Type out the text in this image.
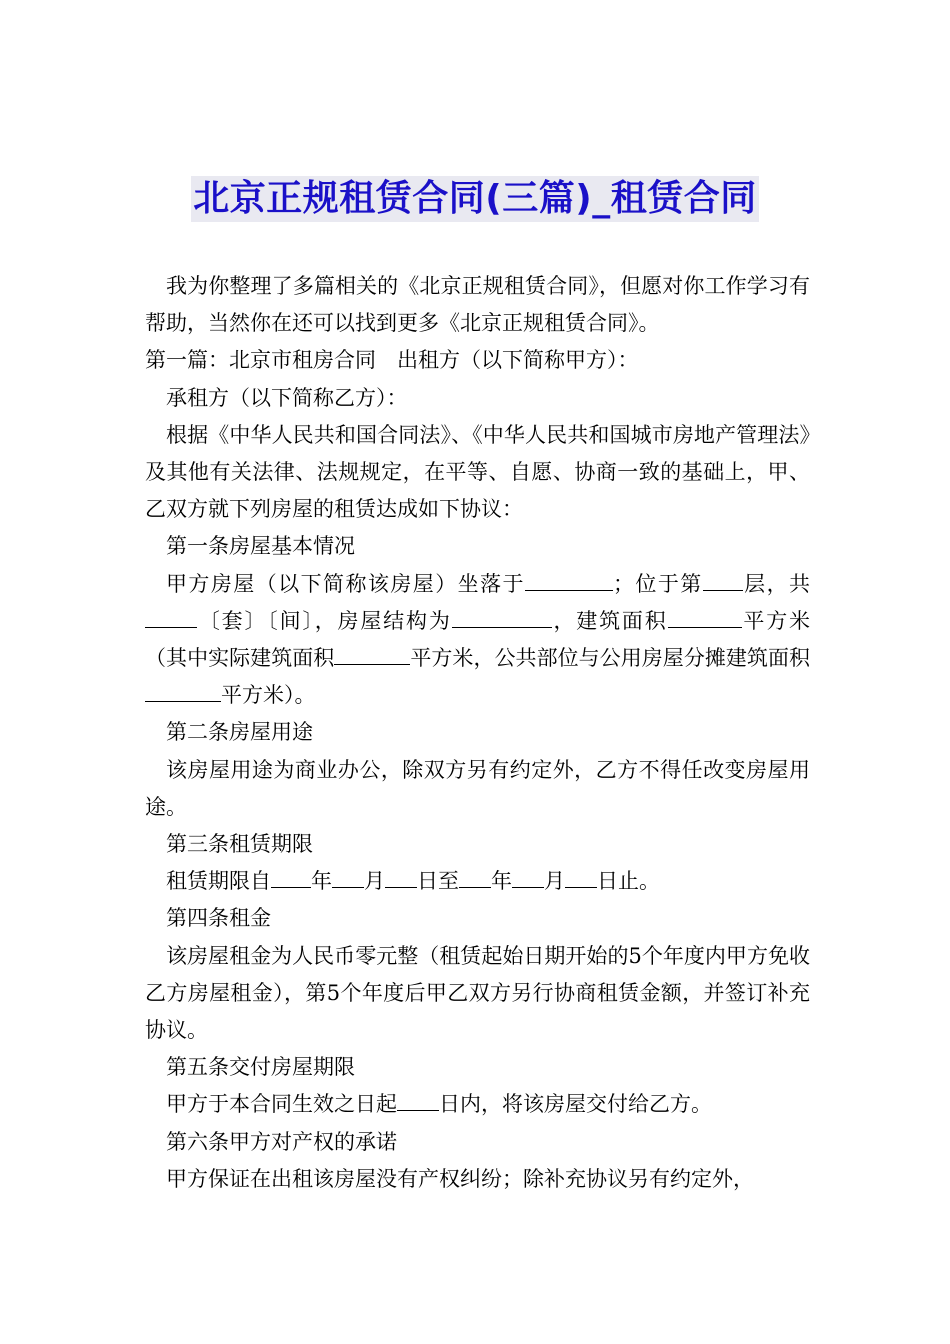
北京正规租赁合同(三篇)_租赁合同

我为你整理了多篇相关的《北京正规租赁合同》，但愿对你工作学习有帮助，当然你在还可以找到更多《北京正规租赁合同》。

第一篇：北京市租房合同　出租方（以下简称甲方）：

承租方（以下简称乙方）：

根据《中华人民共和国合同法》、《中华人民共和国城市房地产管理法》及其他有关法律、法规规定，在平等、自愿、协商一致的基础上，甲、乙双方就下列房屋的租赁达成如下协议：

第一条房屋基本情况

甲方房屋（以下简称该房屋）坐落于	；位于第 层，共〔套〕〔间〕，房屋结构为	，建筑面积	平方米（其中实际建筑面积	平方米，公共部位与公用房屋分摊建筑面积平方米）。

第二条房屋用途

该房屋用途为商业办公，除双方另有约定外，乙方不得任改变房屋用途。

第三条租赁期限

租赁期限自 年 月 日至 年 月 日止。

第四条租金

该房屋租金为人民币零元整（租赁起始日期开始的5个年度内甲方免收乙方房屋租金），第5个年度后甲乙双方另行协商租赁金额，并签订补充协议。

第五条交付房屋期限

甲方于本合同生效之日起 日内，将该房屋交付给乙方。

第六条甲方对产权的承诺

甲方保证在出租该房屋没有产权纠纷；除补充协议另有约定外，
